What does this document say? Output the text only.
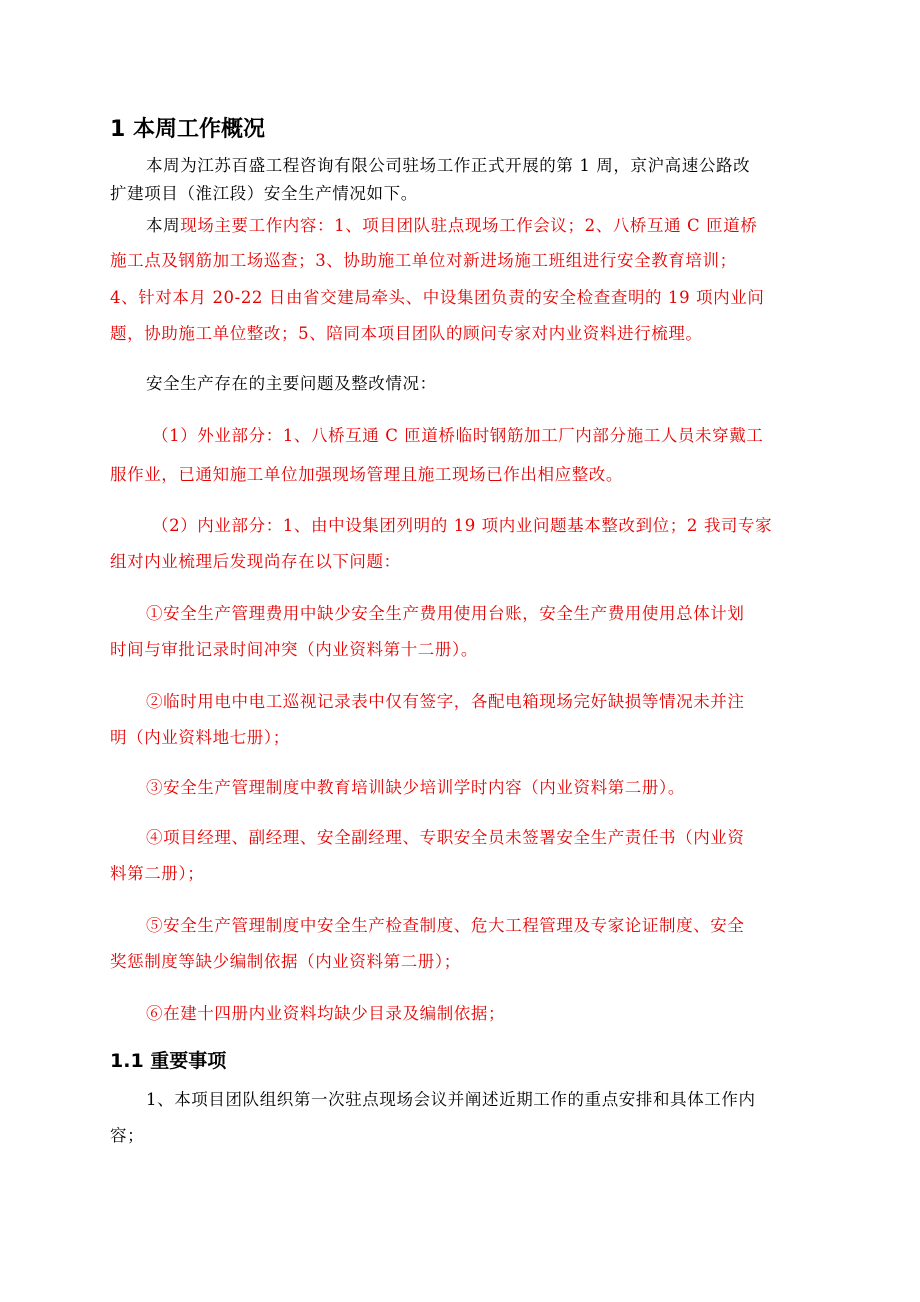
1 本周工作概况
本周为江苏百盛工程咨询有限公司驻场工作正式开展的第 1 周，京沪高速公路改
扩建项目（淮江段）安全生产情况如下。
本周现场主要工作内容：1、项目团队驻点现场工作会议；2、八桥互通 C 匝道桥
施工点及钢筋加工场巡查；3、协助施工单位对新进场施工班组进行安全教育培训；
4、针对本月 20-22 日由省交建局牵头、中设集团负责的安全检查查明的 19 项内业问
题，协助施工单位整改；5、陪同本项目团队的顾问专家对内业资料进行梳理。
安全生产存在的主要问题及整改情况：
（1）外业部分：1、八桥互通 C 匝道桥临时钢筋加工厂内部分施工人员未穿戴工
服作业，已通知施工单位加强现场管理且施工现场已作出相应整改。
（2）内业部分：1、由中设集团列明的 19 项内业问题基本整改到位；2 我司专家
组对内业梳理后发现尚存在以下问题：
①安全生产管理费用中缺少安全生产费用使用台账，安全生产费用使用总体计划
时间与审批记录时间冲突（内业资料第十二册）。
②临时用电中电工巡视记录表中仅有签字，各配电箱现场完好缺损等情况未并注
明（内业资料地七册）；
③安全生产管理制度中教育培训缺少培训学时内容（内业资料第二册）。
④项目经理、副经理、安全副经理、专职安全员未签署安全生产责任书（内业资
料第二册）；
⑤安全生产管理制度中安全生产检查制度、危大工程管理及专家论证制度、安全
奖惩制度等缺少编制依据（内业资料第二册）；
⑥在建十四册内业资料均缺少目录及编制依据；
1.1 重要事项
1、本项目团队组织第一次驻点现场会议并阐述近期工作的重点安排和具体工作内
容；
